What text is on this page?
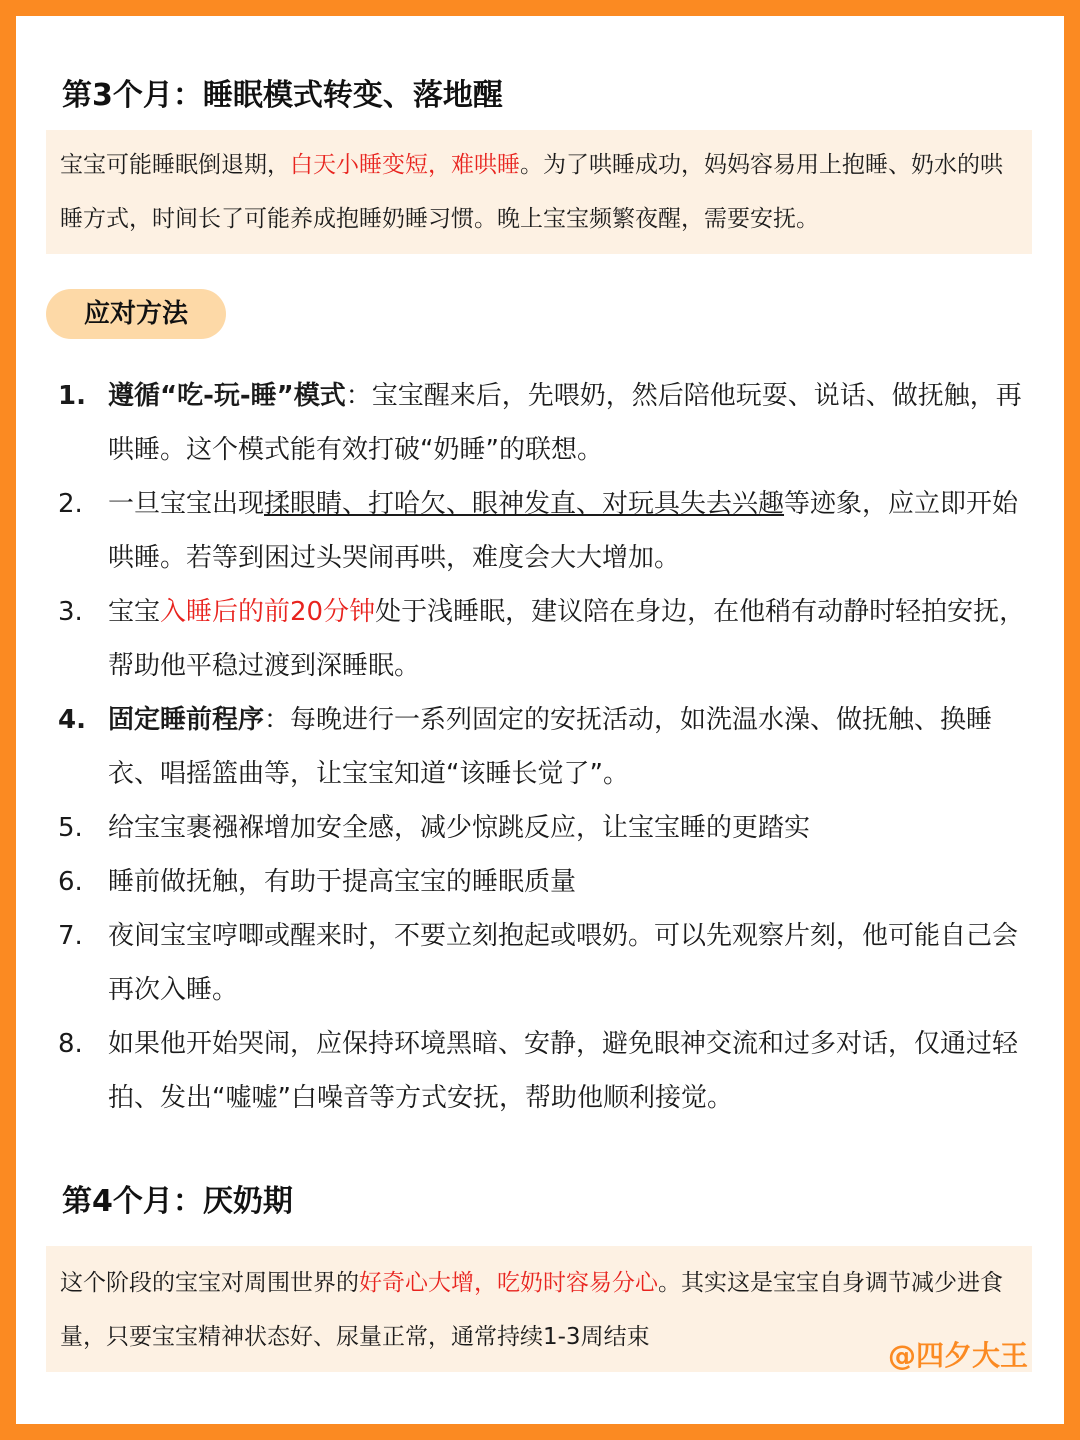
第3个月：睡眠模式转变、落地醒
宝宝可能睡眠倒退期，白天小睡变短，难哄睡。为了哄睡成功，妈妈容易用上抱睡、奶水的哄睡方式，时间长了可能养成抱睡奶睡习惯。晚上宝宝频繁夜醒，需要安抚。
应对方法
1. 遵循“吃-玩-睡”模式：宝宝醒来后，先喂奶，然后陪他玩耍、说话、做抚触，再哄睡。这个模式能有效打破“奶睡”的联想。
2. 一旦宝宝出现揉眼睛、打哈欠、眼神发直、对玩具失去兴趣等迹象，应立即开始哄睡。若等到困过头哭闹再哄，难度会大大增加。
3. 宝宝入睡后的前20分钟处于浅睡眠，建议陪在身边，在他稍有动静时轻拍安抚，帮助他平稳过渡到深睡眠。
4. 固定睡前程序：每晚进行一系列固定的安抚活动，如洗温水澡、做抚触、换睡衣、唱摇篮曲等，让宝宝知道“该睡长觉了”。
5. 给宝宝裹襁褓增加安全感，减少惊跳反应，让宝宝睡的更踏实
6. 睡前做抚触，有助于提高宝宝的睡眠质量
7. 夜间宝宝哼唧或醒来时，不要立刻抱起或喂奶。可以先观察片刻，他可能自己会再次入睡。
8. 如果他开始哭闹，应保持环境黑暗、安静，避免眼神交流和过多对话，仅通过轻拍、发出“嘘嘘”白噪音等方式安抚，帮助他顺利接觉。
第4个月：厌奶期
这个阶段的宝宝对周围世界的好奇心大增，吃奶时容易分心。其实这是宝宝自身调节减少进食量，只要宝宝精神状态好、尿量正常，通常持续1-3周结束
@四夕大王
